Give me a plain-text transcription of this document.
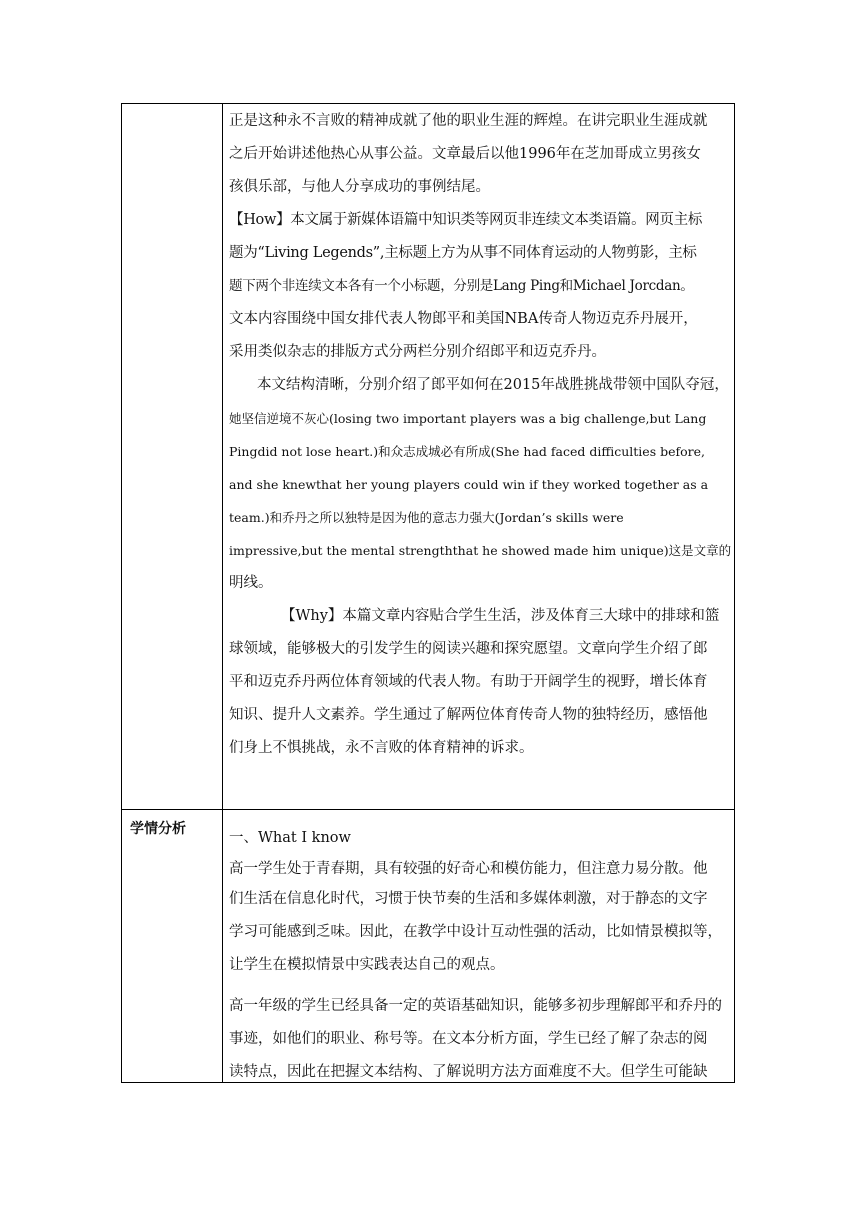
学情分析
正是这种永不言败的精神成就了他的职业生涯的辉煌。在讲完职业生涯成就
之后开始讲述他热心从事公益。文章最后以他1996年在芝加哥成立男孩女
孩俱乐部，与他人分享成功的事例结尾。
【How】本文属于新媒体语篇中知识类等网页非连续文本类语篇。网页主标
题为“Living Legends”,主标题上方为从事不同体育运动的人物剪影，主标
题下两个非连续文本各有一个小标题，分别是Lang Ping和Michael Jorcdan。
文本内容围绕中国女排代表人物郎平和美国NBA传奇人物迈克乔丹展开，
采用类似杂志的排版方式分两栏分别介绍郎平和迈克乔丹。
本文结构清晰，分别介绍了郎平如何在2015年战胜挑战带领中国队夺冠，
她坚信逆境不灰心(losing two important players was a big challenge,but Lang
Pingdid not lose heart.)和众志成城必有所成(She had faced difficulties before,
and she knewthat her young players could win if they worked together as a
team.)和乔丹之所以独特是因为他的意志力强大(Jordan’s skills were
impressive,but the mental strengththat he showed made him unique)这是文章的
明线。
【Why】本篇文章内容贴合学生生活，涉及体育三大球中的排球和篮
球领域，能够极大的引发学生的阅读兴趣和探究愿望。文章向学生介绍了郎
平和迈克乔丹两位体育领域的代表人物。有助于开阔学生的视野，增长体育
知识、提升人文素养。学生通过了解两位体育传奇人物的独特经历，感悟他
们身上不惧挑战，永不言败的体育精神的诉求。
一、What I know
高一学生处于青春期，具有较强的好奇心和模仿能力，但注意力易分散。他
们生活在信息化时代，习惯于快节奏的生活和多媒体刺激，对于静态的文字
学习可能感到乏味。因此，在教学中设计互动性强的活动，比如情景模拟等，
让学生在模拟情景中实践表达自己的观点。
高一年级的学生已经具备一定的英语基础知识，能够多初步理解郎平和乔丹的
事迹，如他们的职业、称号等。在文本分析方面，学生已经了解了杂志的阅
读特点，因此在把握文本结构、了解说明方法方面难度不大。但学生可能缺
